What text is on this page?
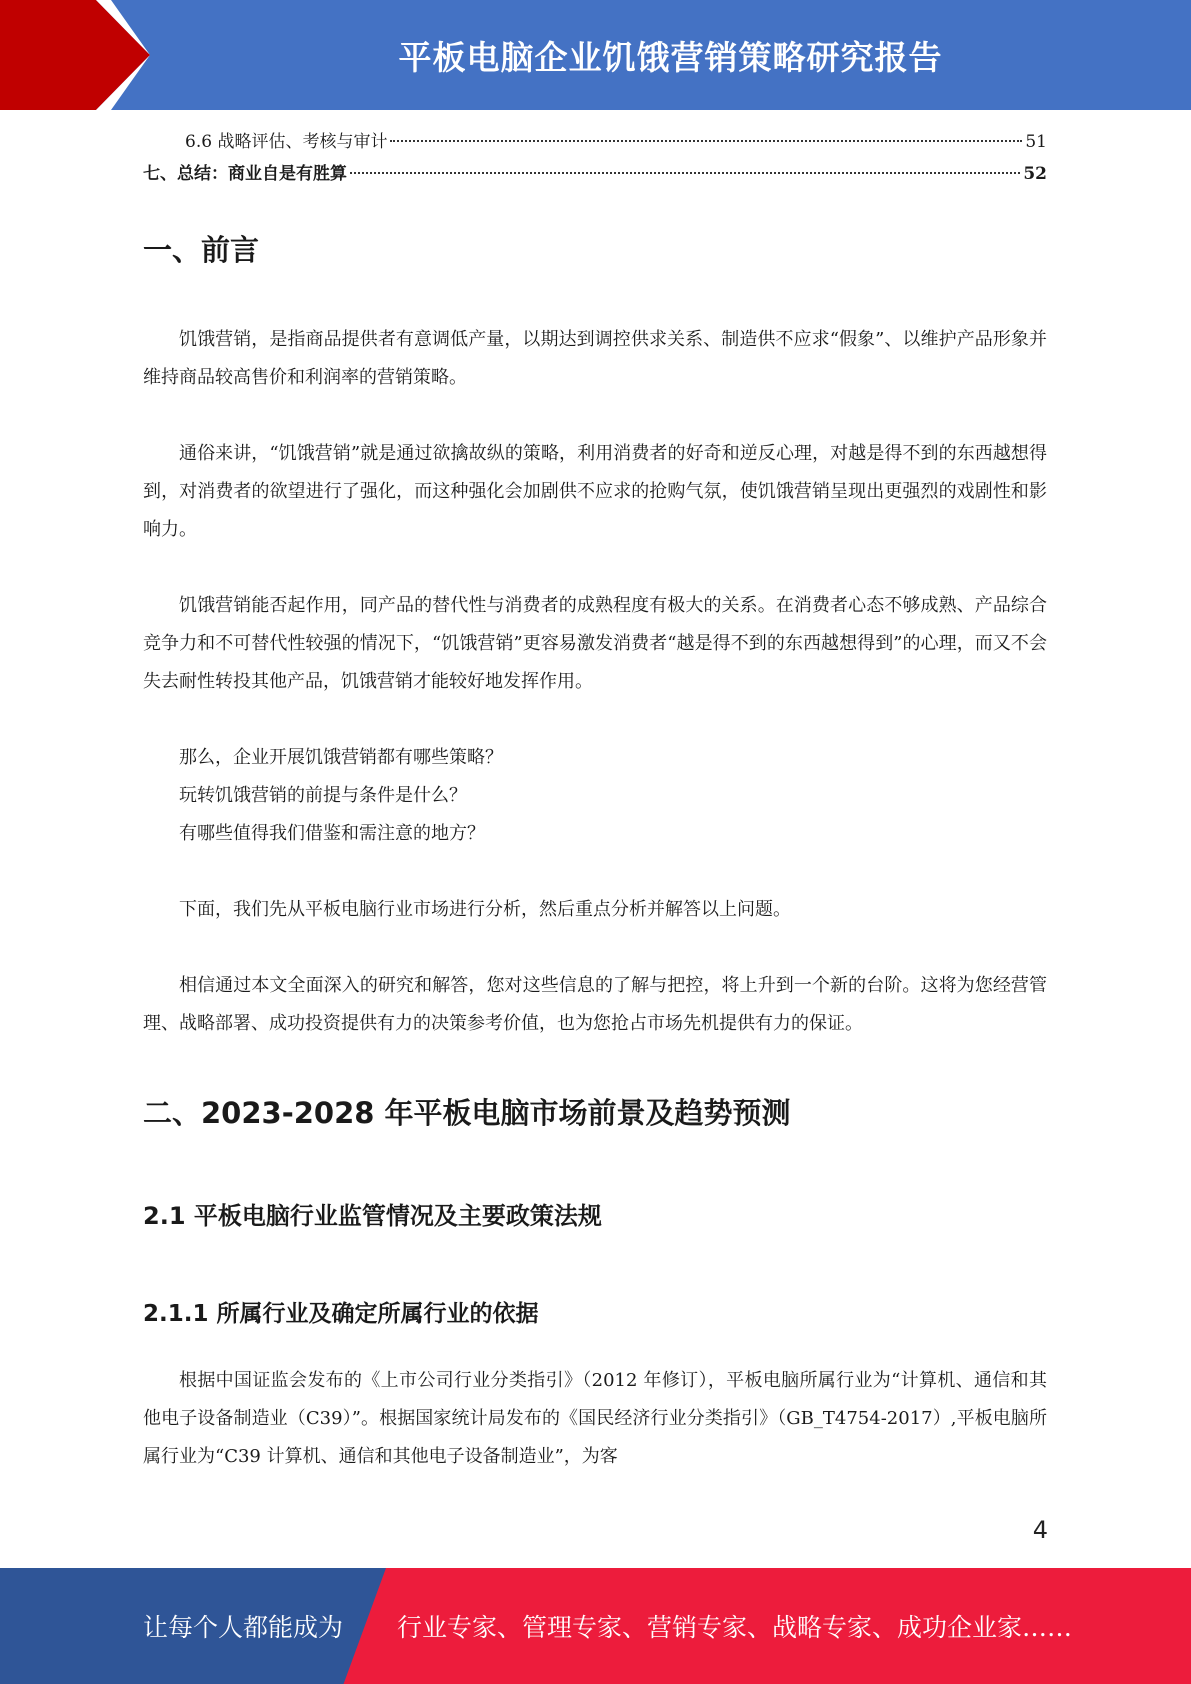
平板电脑企业饥饿营销策略研究报告
6.6 战略评估、考核与审计	51
七、总结：商业自是有胜算	52
一、前言

饥饿营销，是指商品提供者有意调低产量，以期达到调控供求关系、制造供不应求“假象”、以维护产品形象并维持商品较高售价和利润率的营销策略。

通俗来讲，“饥饿营销”就是通过欲擒故纵的策略，利用消费者的好奇和逆反心理，对越是得不到的东西越想得到，对消费者的欲望进行了强化，而这种强化会加剧供不应求的抢购气氛，使饥饿营销呈现出更强烈的戏剧性和影响力。

饥饿营销能否起作用，同产品的替代性与消费者的成熟程度有极大的关系。在消费者心态不够成熟、产品综合竞争力和不可替代性较强的情况下，“饥饿营销”更容易激发消费者“越是得不到的东西越想得到”的心理，而又不会失去耐性转投其他产品，饥饿营销才能较好地发挥作用。

那么，企业开展饥饿营销都有哪些策略？
玩转饥饿营销的前提与条件是什么？
有哪些值得我们借鉴和需注意的地方？

下面，我们先从平板电脑行业市场进行分析，然后重点分析并解答以上问题。

相信通过本文全面深入的研究和解答，您对这些信息的了解与把控，将上升到一个新的台阶。这将为您经营管理、战略部署、成功投资提供有力的决策参考价值，也为您抢占市场先机提供有力的保证。

二、2023-2028 年平板电脑市场前景及趋势预测
2.1 平板电脑行业监管情况及主要政策法规
2.1.1 所属行业及确定所属行业的依据

根据中国证监会发布的《上市公司行业分类指引》（2012 年修订），平板电脑所属行业为“计算机、通信和其他电子设备制造业（C39）”。根据国家统计局发布的《国民经济行业分类指引》（GB_T4754-2017）,平板电脑所属行业为“C39 计算机、通信和其他电子设备制造业”，为客

4
让每个人都能成为 行业专家、管理专家、营销专家、战略专家、成功企业家……
